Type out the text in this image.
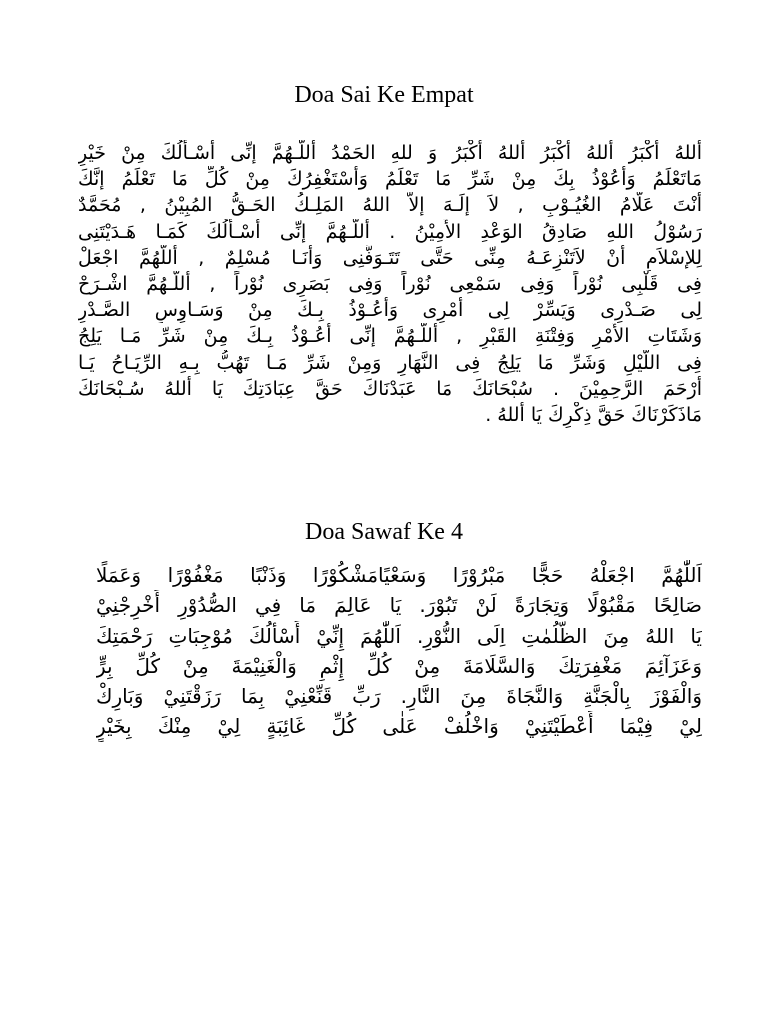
Doa Sai Ke Empat
أللهُ أَكْبَرُ أللهُ أَكْبَرُ أللهُ أَكْبَرُ وَ للهِ الحَمْدُ أَللّـهُمَّ إنِّى أَسْـأَلُكَ مِنْ خَيْرِ
مَاتَعْلَمُ وَأَعُوْذُ بِكَ مِنْ شَرِّ مَا تَعْلَمُ وَأَسْتَغْفِرُكَ مِنْ كُلِّ مَا تَعْلَمُ إنَّكَ
أَنْتَ عَلَّامُ الغُيُـوْبِ , لاَ إلَـهَ إلاَّ اللهُ المَلِـكُ الحَـقُّ المُبِيْنُ , مُحَمَّدٌ
رَسُوْلُ اللهِ صَادِقُ الوَعْدِ الأَمِيْنُ . أَللّـهُمَّ إنِّى أَسْـأَلُكَ كَمَـا هَـدَيْتَنِى
لِلإسْلاَمِ أَنْ لاَتَنْزِعَـهُ مِنِّى حَتَّى تَتَـوَفَّنِى وَأَنَـا مُسْلِمٌ , أَللّهُمَّ اجْعَلْ
فِى قَلْبِى نُوْراً وَفِى سَمْعِى نُوْراً وَفِى بَصَرِى نُوْراً , أَللّـهُمَّ اشْـرَحْ
لِى صَـدْرِى وَيَسِّرْ لِى أَمْرِى وَأَعُـوْذُ بِـكَ مِنْ وَسَـاوِسِ الصَّـدْرِ
وَشَتَاتِ الأَمْرِ وَفِتْنَةِ القَبْرِ , أَللّـهُمَّ إنِّى أَعُـوْذُ بِـكَ مِنْ شَرِّ مَـا يَلِجُ
فِى اللَّيْلِ وَشَرِّ مَا يَلِجُ فِى النَّهَارِ وَمِنْ شَرِّ مَـا تَهُبُّ بِـهِ الرِّيَـاحُ يَـا
أَرْحَمَ الرَّحِمِيْنَ . سُبْحَانَكَ مَا عَبَدْنَاكَ حَقَّ عِبَادَتِكَ يَا أَللهُ سُـبْحَانَكَ
مَاذَكَرْنَاكَ حَقَّ ذِكْرِكَ يَا أَللهُ .
Doa Sawaf Ke 4
اَللّٰهُمَّ اجْعَلْهُ حَجًّا مَبْرُوْرًا وَسَعْيًامَشْكُوْرًا وَذَنْبًا مَغْفُوْرًا وَعَمَلًا
صَالِحًا مَقْبُوْلًا وَتِجَارَةً لَنْ تَبُوْرَ. يَا عَالِمَ مَا فِي الصُّدُوْرِ أَخْرِجْنِيْ
يَا اللهُ مِنَ الظُّلُمٰتِ اِلَى النُّوْرِ. اَللّٰهُمَ إِنِّيْ أَسْأَلُكَ مُوْجِبَاتِ رَحْمَتِكَ
وَعَزَآئِمَ مَغْفِرَتِكَ وَالسَّلَامَةَ مِنْ كُلِّ إِثْمٍ وَالْغَنِيْمَةَ مِنْ كُلِّ بِرٍّ
وَالْفَوْزَ بِالْجَنَّةِ وَالنَّجَاةَ مِنَ النَّارِ. رَبِّ قَنِّعْنِيْ بِمَا رَزَقْتَنِيْ وَبَارِكْ
لِيْ فِيْمَا أَعْطَيْتَنِيْ وَاخْلُفْ عَلٰى كُلِّ غَائِبَةٍ لِيْ مِنْكَ بِخَيْرٍ
